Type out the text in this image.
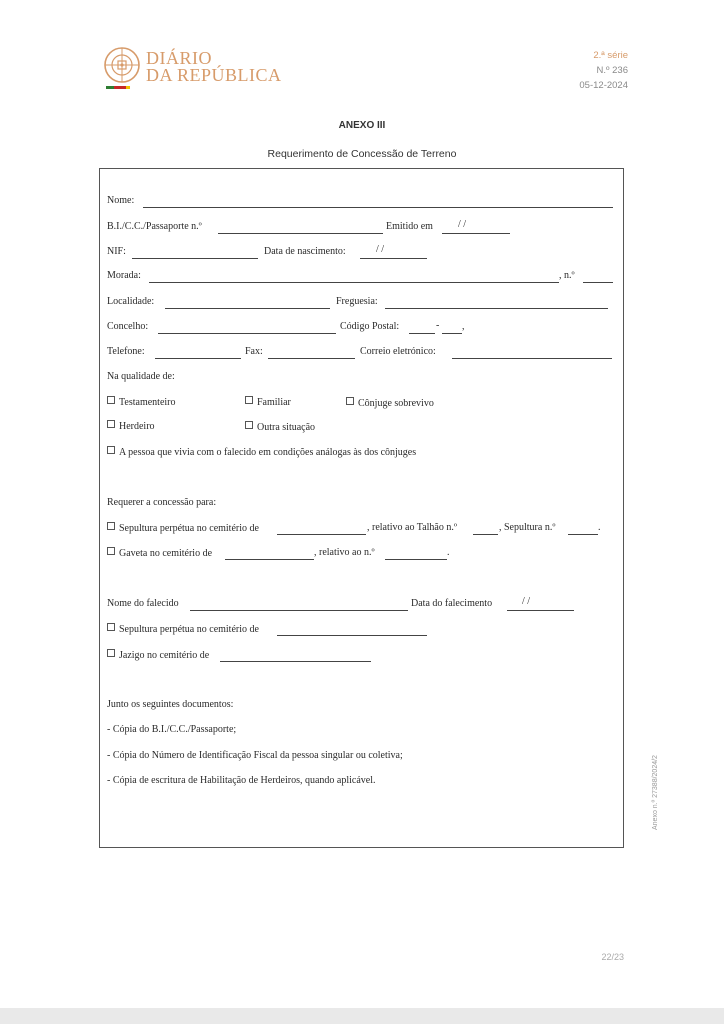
DIÁRIO
DA REPÚBLICA
2.ª série
N.º 236
05-12-2024
ANEXO III
Requerimento de Concessão de Terreno
Nome:
B.I./C.C./Passaporte n.º	Emitido em	/ /
NIF:	Data de nascimento:	/ /
Morada:	, n.º
Localidade:	Freguesia:
Concelho:	Código Postal:	- ,
Telefone:	Fax:	Correio eletrónico:
Na qualidade de:
Testamenteiro	Familiar	Cônjuge sobrevivo
Herdeiro	Outra situação
A pessoa que vivia com o falecido em condições análogas às dos cônjuges
Requerer a concessão para:
Sepultura perpétua no cemitério de	, relativo ao Talhão n.º	, Sepultura n.º	.
Gaveta no cemitério de	, relativo ao n.º	.
Nome do falecido	Data do falecimento	/ /
Sepultura perpétua no cemitério de
Jazigo no cemitério de
Junto os seguintes documentos:
- Cópia do B.I./C.C./Passaporte;
- Cópia do Número de Identificação Fiscal da pessoa singular ou coletiva;
- Cópia de escritura de Habilitação de Herdeiros, quando aplicável.	Anexo n.º 27388/2024/2
22/23
